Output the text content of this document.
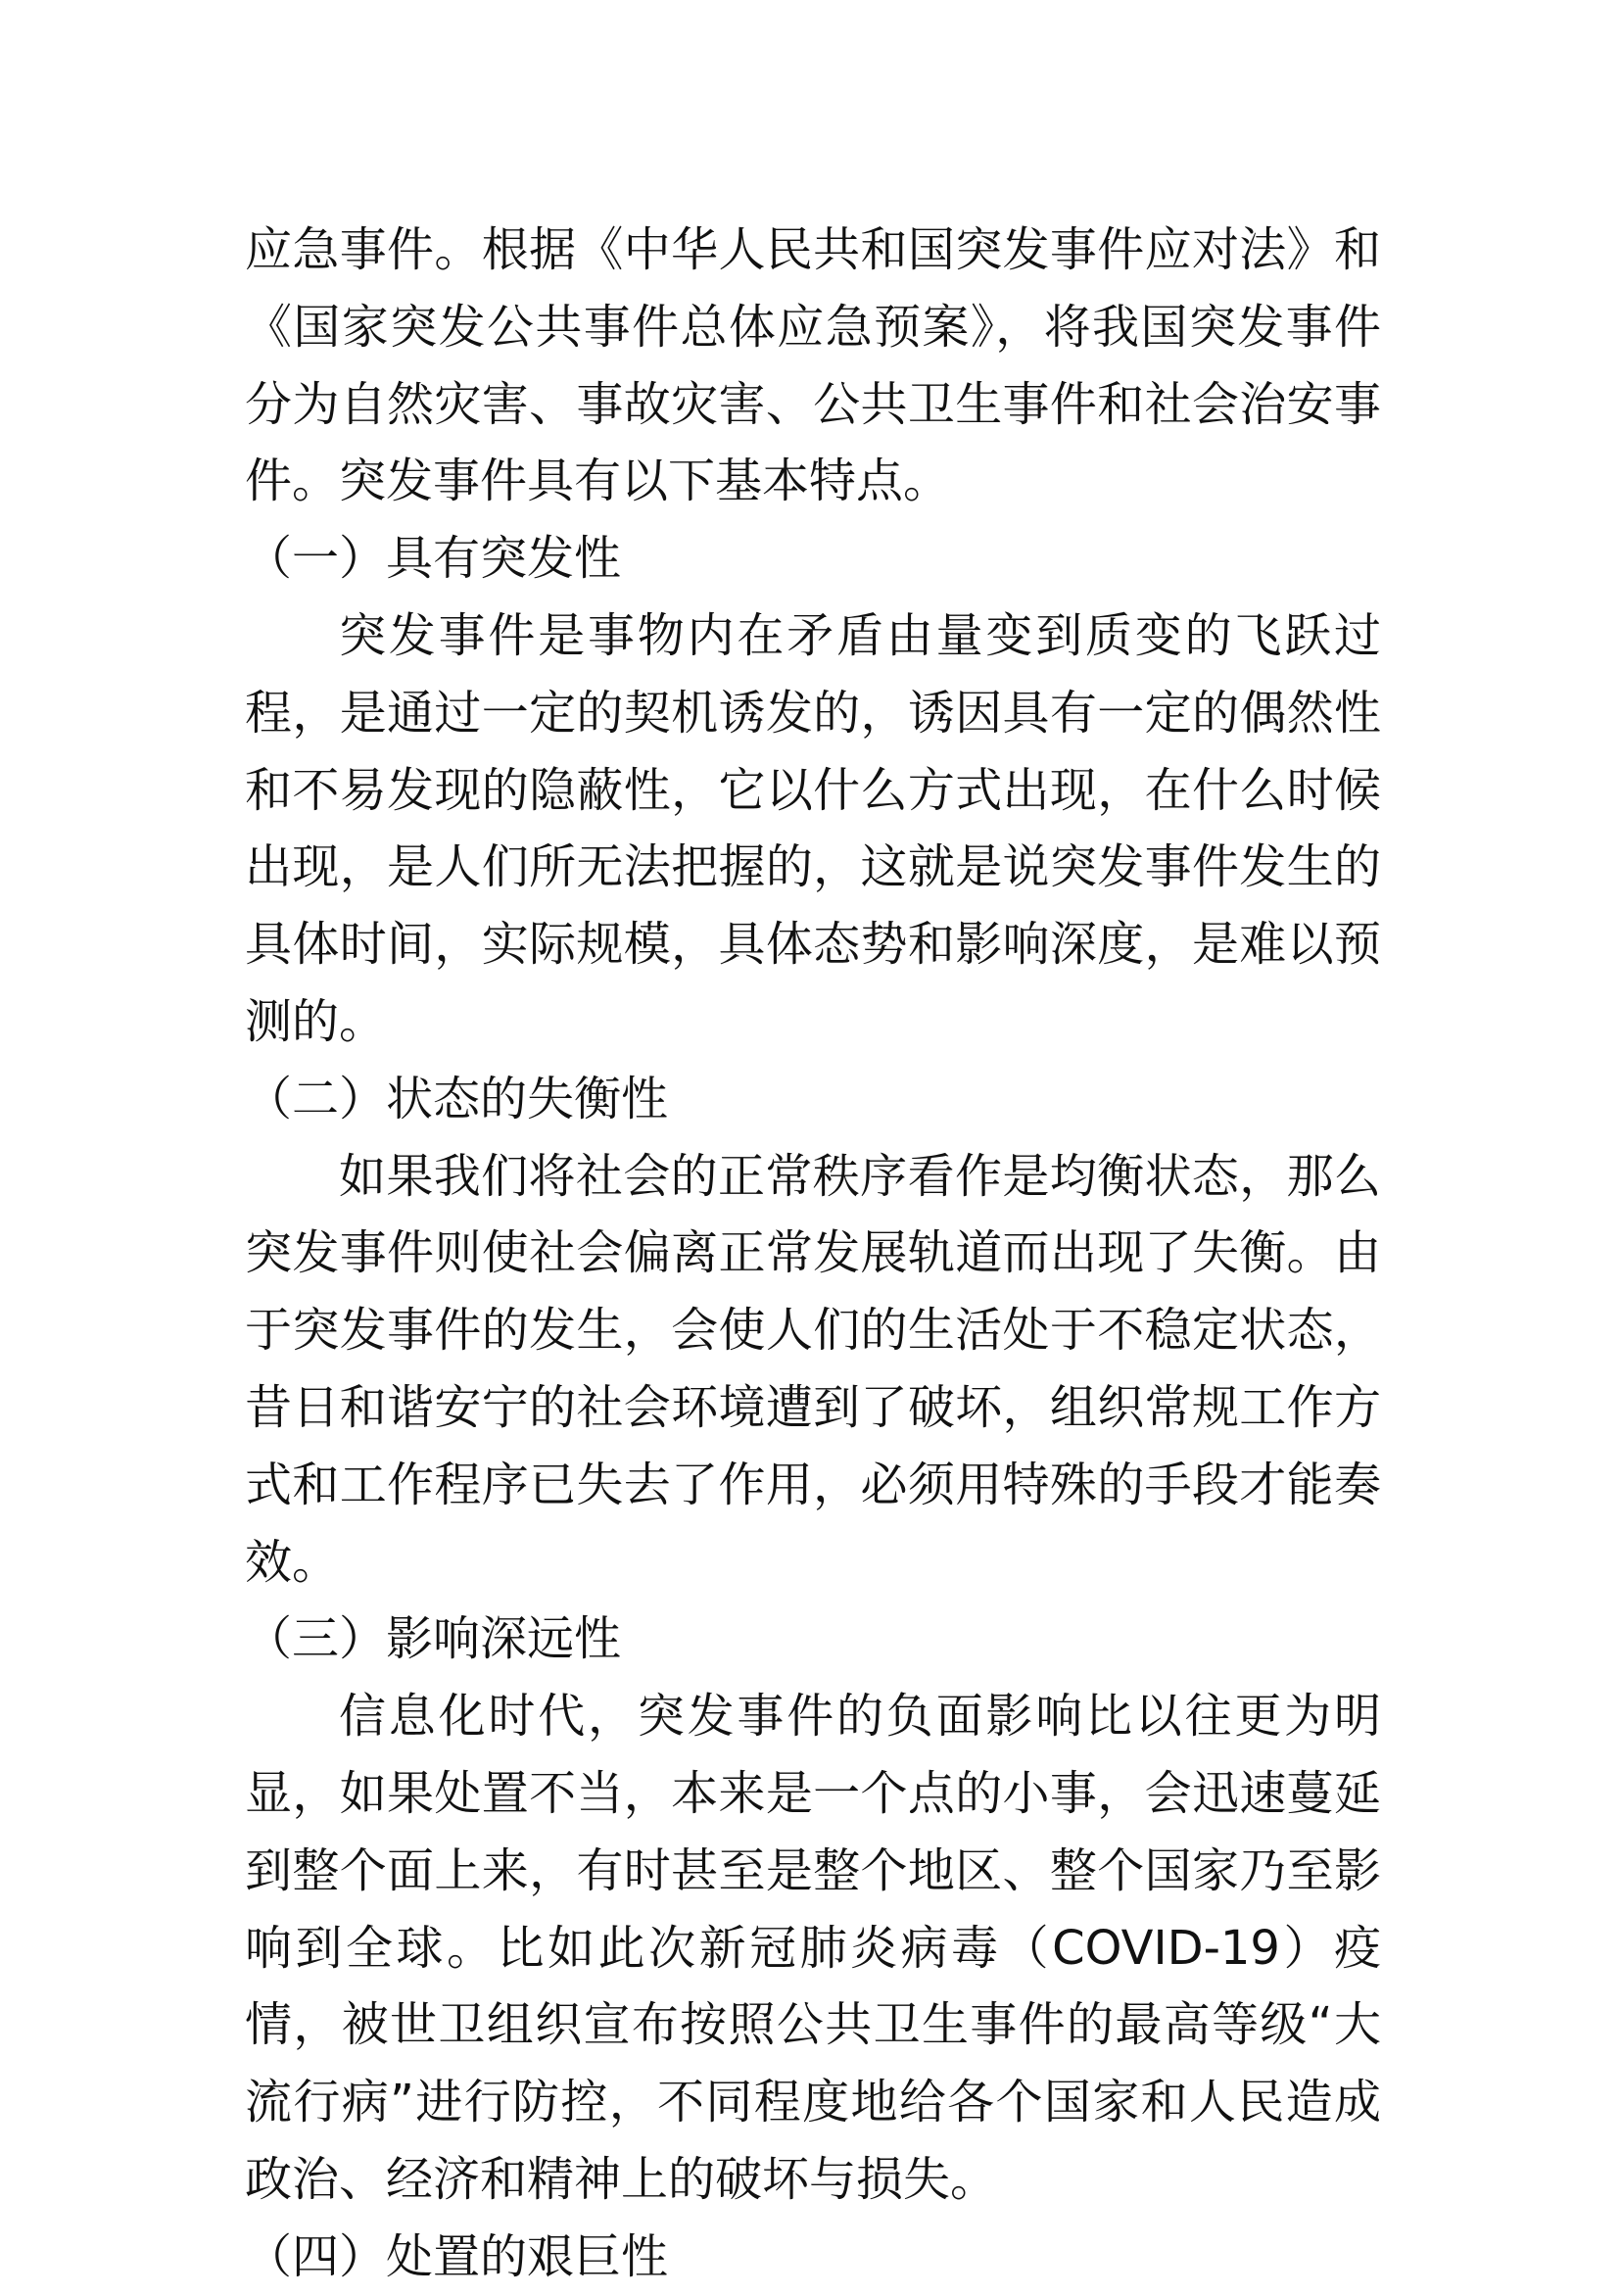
应急事件。根据《中华人民共和国突发事件应对法》和《国家突发公共事件总体应急预案》，将我国突发事件分为自然灾害、事故灾害、公共卫生事件和社会治安事件。突发事件具有以下基本特点。

（一）具有突发性

突发事件是事物内在矛盾由量变到质变的飞跃过程，是通过一定的契机诱发的，诱因具有一定的偶然性和不易发现的隐蔽性，它以什么方式出现，在什么时候出现，是人们所无法把握的，这就是说突发事件发生的具体时间，实际规模，具体态势和影响深度，是难以预测的。

（二）状态的失衡性

如果我们将社会的正常秩序看作是均衡状态，那么突发事件则使社会偏离正常发展轨道而出现了失衡。由于突发事件的发生，会使人们的生活处于不稳定状态，昔日和谐安宁的社会环境遭到了破坏，组织常规工作方式和工作程序已失去了作用，必须用特殊的手段才能奏效。

（三）影响深远性

信息化时代，突发事件的负面影响比以往更为明显，如果处置不当，本来是一个点的小事，会迅速蔓延到整个面上来，有时甚至是整个地区、整个国家乃至影响到全球。比如此次新冠肺炎病毒（COVID-19）疫情，被世卫组织宣布按照公共卫生事件的最高等级“大流行病”进行防控，不同程度地给各个国家和人民造成政治、经济和精神上的破坏与损失。

（四）处置的艰巨性
